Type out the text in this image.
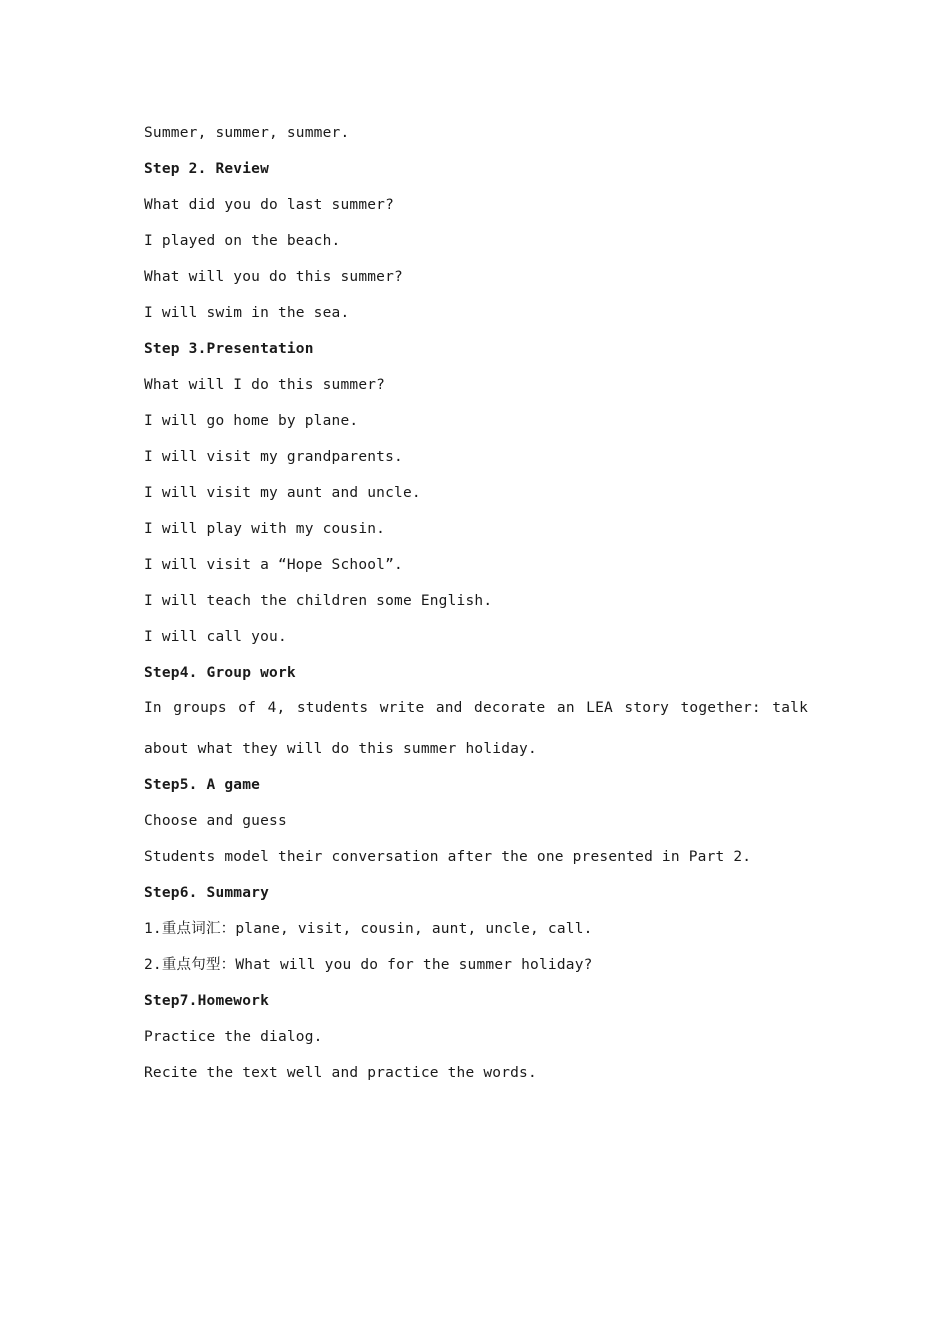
Summer, summer, summer.
Step 2. Review
What did you do last summer?
I played on the beach.
What will you do this summer?
I will swim in the sea.
Step 3.Presentation
What will I do this summer?
I will go home by plane.
I will visit my grandparents.
I will visit my aunt and uncle.
I will play with my cousin.
I will visit a “Hope School”.
I will teach the children some English.
I will call you.
Step4. Group work
In groups of 4, students write and decorate an LEA story together: talk about what they will do this summer holiday.
Step5. A game
Choose and guess
Students model their conversation after the one presented in Part 2.
Step6. Summary
1.重点词汇：plane, visit, cousin, aunt, uncle, call.
2.重点句型：What will you do for the summer holiday?
Step7.Homework
Practice the dialog.
Recite the text well and practice the words.
